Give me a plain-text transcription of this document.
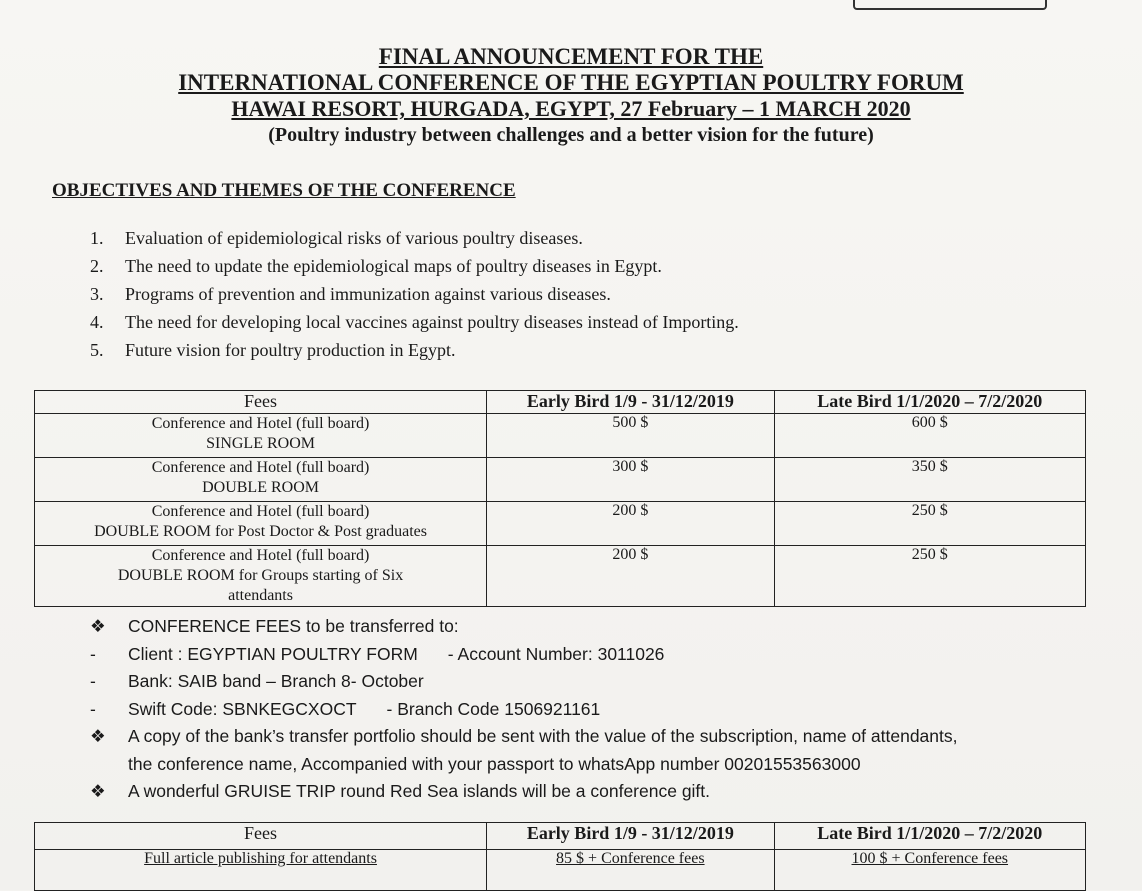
FINAL ANNOUNCEMENT FOR THE
INTERNATIONAL CONFERENCE OF THE EGYPTIAN POULTRY FORUM
HAWAI RESORT, HURGADA, EGYPT, 27 February – 1 MARCH 2020
(Poultry industry between challenges and a better vision for the future)
OBJECTIVES AND THEMES OF THE CONFERENCE
1.	Evaluation of epidemiological risks of various poultry diseases.
2.	The need to update the epidemiological maps of poultry diseases in Egypt.
3.	Programs of prevention and immunization against various diseases.
4.	The need for developing local vaccines against poultry diseases instead of Importing.
5.	Future vision for poultry production in Egypt.
Fees	Early Bird 1/9 - 31/12/2019	Late Bird 1/1/2020 – 7/2/2020

Conference and Hotel (full board)
SINGLE ROOM	500 $	600 $

Conference and Hotel (full board)
DOUBLE ROOM	300 $	350 $

Conference and Hotel (full board)
DOUBLE ROOM for Post Doctor & Post graduates	200 $	250 $

Conference and Hotel (full board)
DOUBLE ROOM for Groups starting of Six
attendants	200 $	250 $
❖	CONFERENCE FEES to be transferred to:
-	Client : EGYPTIAN POULTRY FORM - Account Number: 3011026
-	Bank: SAIB band – Branch 8- October
-	Swift Code: SBNKEGCXOCT - Branch Code 1506921161
❖	A copy of the bank’s transfer portfolio should be sent with the value of the subscription, name of attendants,
the conference name, Accompanied with your passport to whatsApp number 00201553563000
❖	A wonderful GRUISE TRIP round Red Sea islands will be a conference gift.
Fees	Early Bird 1/9 - 31/12/2019	Late Bird 1/1/2020 – 7/2/2020
Full article publishing for attendants	85 $ + Conference fees	100 $ + Conference fees
